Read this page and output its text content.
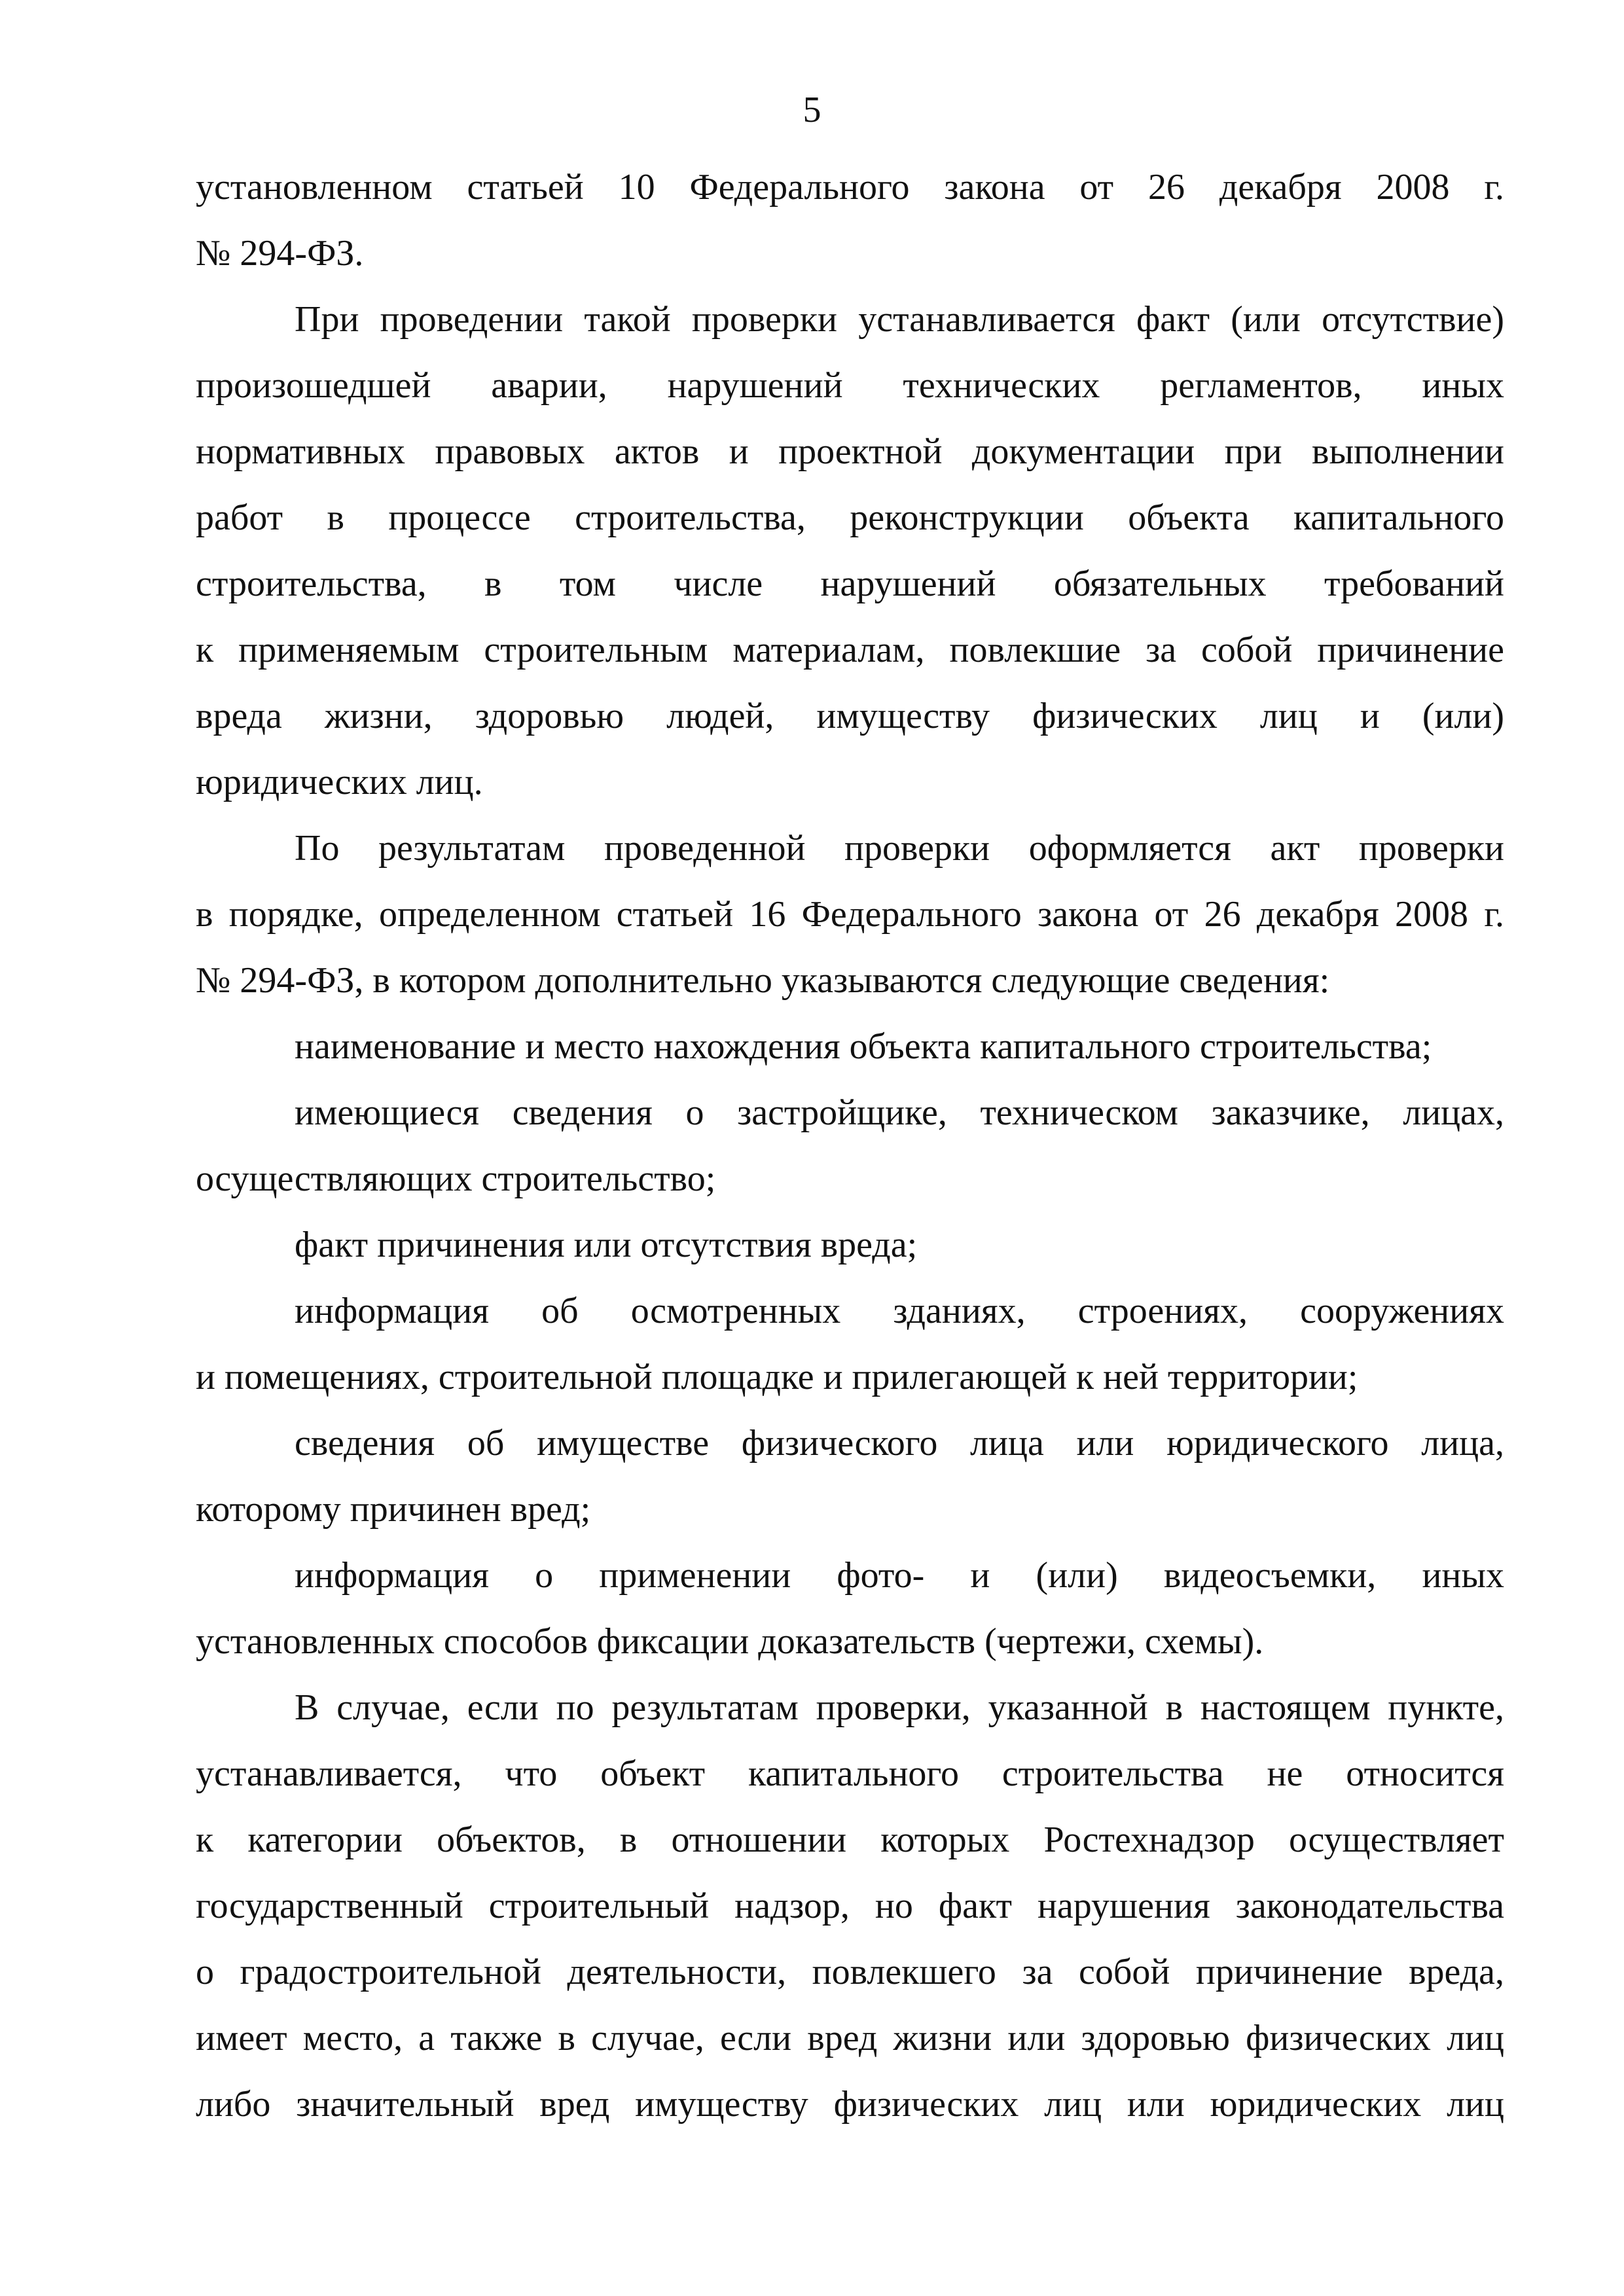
5
установленном статьей 10 Федерального закона от 26 декабря 2008 г.
№ 294-ФЗ.
При проведении такой проверки устанавливается факт (или отсутствие)
произошедшей аварии, нарушений технических регламентов, иных
нормативных правовых актов и проектной документации при выполнении
работ в процессе строительства, реконструкции объекта капитального
строительства, в том числе нарушений обязательных требований
к применяемым строительным материалам, повлекшие за собой причинение
вреда жизни, здоровью людей, имуществу физических лиц и (или)
юридических лиц.
По результатам проведенной проверки оформляется акт проверки
в порядке, определенном статьей 16 Федерального закона от 26 декабря 2008 г.
№ 294-ФЗ, в котором дополнительно указываются следующие сведения:
наименование и место нахождения объекта капитального строительства;
имеющиеся сведения о застройщике, техническом заказчике, лицах,
осуществляющих строительство;
факт причинения или отсутствия вреда;
информация об осмотренных зданиях, строениях, сооружениях
и помещениях, строительной площадке и прилегающей к ней территории;
сведения об имуществе физического лица или юридического лица,
которому причинен вред;
информация о применении фото- и (или) видеосъемки, иных
установленных способов фиксации доказательств (чертежи, схемы).
В случае, если по результатам проверки, указанной в настоящем пункте,
устанавливается, что объект капитального строительства не относится
к категории объектов, в отношении которых Ростехнадзор осуществляет
государственный строительный надзор, но факт нарушения законодательства
о градостроительной деятельности, повлекшего за собой причинение вреда,
имеет место, а также в случае, если вред жизни или здоровью физических лиц
либо значительный вред имуществу физических лиц или юридических лиц
